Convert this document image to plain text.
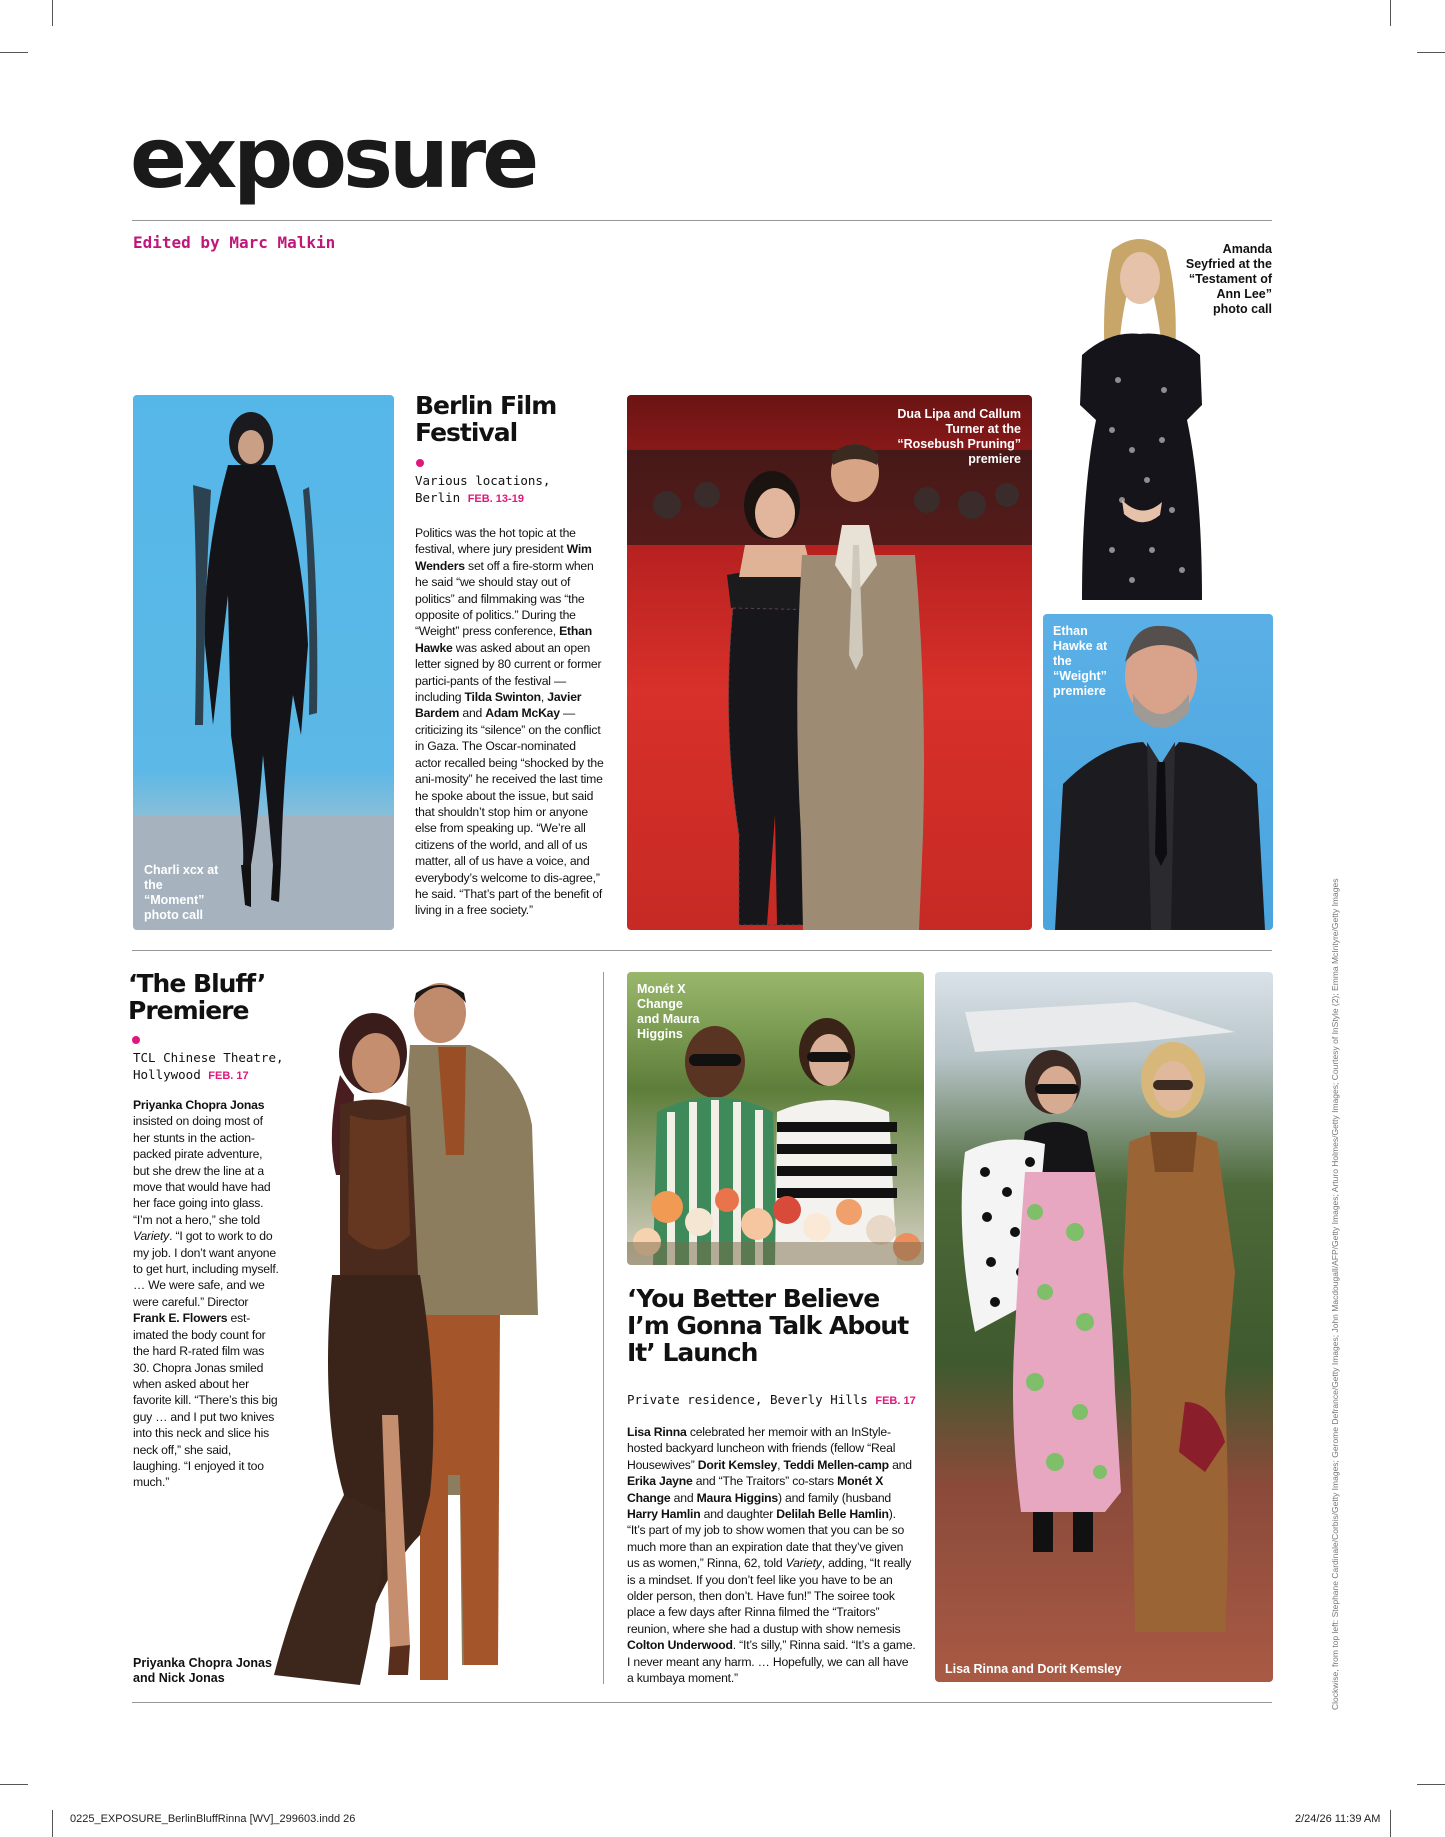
exposure
Edited by Marc Malkin
Charli xcx at the “Moment” photo call
Berlin Film Festival
Various locations, Berlin FEB. 13-19
Politics was the hot topic at the festival, where jury president Wim Wenders set off a fire-storm when he said “we should stay out of politics” and filmmaking was “the opposite of politics.” During the “Weight” press conference, Ethan Hawke was asked about an open letter signed by 80 current or former partici-pants of the festival — including Tilda Swinton, Javier Bardem and Adam McKay — criticizing its “silence” on the conflict in Gaza. The Oscar-nominated actor recalled being “shocked by the ani-mosity” he received the last time he spoke about the issue, but said that shouldn’t stop him or anyone else from speaking up. “We’re all citizens of the world, and all of us matter, all of us have a voice, and everybody’s welcome to dis-agree,” he said. “That’s part of the benefit of living in a free society.”
Dua Lipa and Callum Turner at the “Rosebush Pruning” premiere
Amanda Seyfried at the “Testament of Ann Lee” photo call
Ethan Hawke at the “Weight” premiere
‘The Bluff’ Premiere
TCL Chinese Theatre, Hollywood FEB. 17
Priyanka Chopra Jonas insisted on doing most of her stunts in the action-packed pirate adventure, but she drew the line at a move that would have had her face going into glass. “I’m not a hero,” she told Variety. “I got to work to do my job. I don’t want anyone to get hurt, including myself. … We were safe, and we were careful.” Director Frank E. Flowers est-imated the body count for the hard R-rated film was 30. Chopra Jonas smiled when asked about her favorite kill. “There’s this big guy … and I put two knives into this neck and slice his neck off,” she said, laughing. “I enjoyed it too much.”
Priyanka Chopra Jonas and Nick Jonas
Monét X Change and Maura Higgins
‘You Better Believe I’m Gonna Talk About It’ Launch
Private residence, Beverly Hills FEB. 17
Lisa Rinna celebrated her memoir with an InStyle-hosted backyard luncheon with friends (fellow “Real Housewives” Dorit Kemsley, Teddi Mellen-camp and Erika Jayne and “The Traitors” co-stars Monét X Change and Maura Higgins) and family (husband Harry Hamlin and daughter Delilah Belle Hamlin). “It’s part of my job to show women that you can be so much more than an expiration date that they’ve given us as women,” Rinna, 62, told Variety, adding, “It really is a mindset. If you don’t feel like you have to be an older person, then don’t. Have fun!” The soiree took place a few days after Rinna filmed the “Traitors” reunion, where she had a dustup with show nemesis Colton Underwood. “It’s silly,” Rinna said. “It’s a game. I never meant any harm. … Hopefully, we can all have a kumbaya moment.”
Lisa Rinna and Dorit Kemsley	Clockwise, from top left: Stephane Cardinale/Corbis/Getty Images; Gerome Defrance/Getty Images; John Macdougall/AFP/Getty Images; Arturo Holmes/Getty Images; Courtesy of InStyle (2); Emma McIntyre/Getty Images
0225_EXPOSURE_BerlinBluffRinna [WV]_299603.indd 26	2/24/26 11:39 AM
